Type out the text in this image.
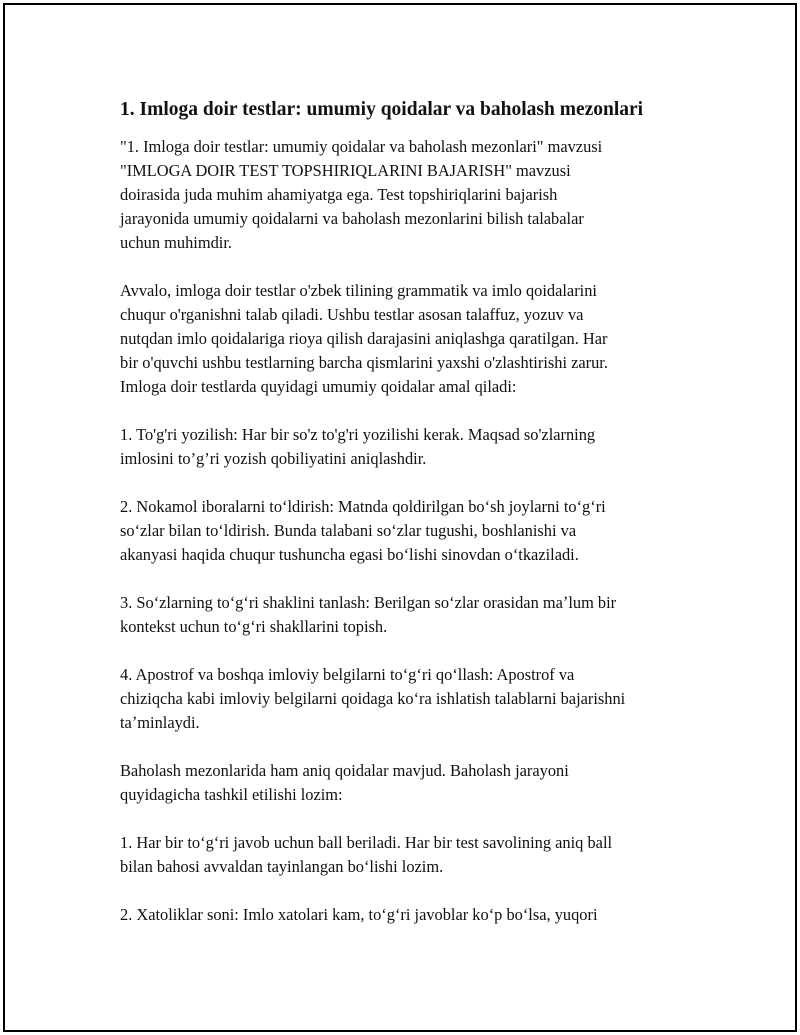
1. Imloga doir testlar: umumiy qoidalar va baholash mezonlari
"1. Imloga doir testlar: umumiy qoidalar va baholash mezonlari" mavzusi
"IMLOGA DOIR TEST TOPSHIRIQLARINI BAJARISH" mavzusi
doirasida juda muhim ahamiyatga ega. Test topshiriqlarini bajarish
jarayonida umumiy qoidalarni va baholash mezonlarini bilish talabalar
uchun muhimdir.
Avvalo, imloga doir testlar o'zbek tilining grammatik va imlo qoidalarini
chuqur o'rganishni talab qiladi. Ushbu testlar asosan talaffuz, yozuv va
nutqdan imlo qoidalariga rioya qilish darajasini aniqlashga qaratilgan. Har
bir o'quvchi ushbu testlarning barcha qismlarini yaxshi o'zlashtirishi zarur.
Imloga doir testlarda quyidagi umumiy qoidalar amal qiladi:
1. To'g'ri yozilish: Har bir so'z to'g'ri yozilishi kerak. Maqsad so'zlarning
imlosini to’g’ri yozish qobiliyatini aniqlashdir.
2. Nokamol iboralarni toʻldirish: Matnda qoldirilgan boʻsh joylarni toʻgʻri
soʻzlar bilan toʻldirish. Bunda talabani soʻzlar tugushi, boshlanishi va
akanyasi haqida chuqur tushuncha egasi boʻlishi sinovdan oʻtkaziladi.
3. Soʻzlarning toʻgʻri shaklini tanlash: Berilgan soʻzlar orasidan maʼlum bir
kontekst uchun toʻgʻri shakllarini topish.
4. Apostrof va boshqa imloviy belgilarni toʻgʻri qoʻllash: Apostrof va
chiziqcha kabi imloviy belgilarni qoidaga koʻra ishlatish talablarni bajarishni
taʼminlaydi.
Baholash mezonlarida ham aniq qoidalar mavjud. Baholash jarayoni
quyidagicha tashkil etilishi lozim:
1. Har bir toʻgʻri javob uchun ball beriladi. Har bir test savolining aniq ball
bilan bahosi avvaldan tayinlangan boʻlishi lozim.
2. Xatoliklar soni: Imlo xatolari kam, toʻgʻri javoblar koʻp boʻlsa, yuqori
